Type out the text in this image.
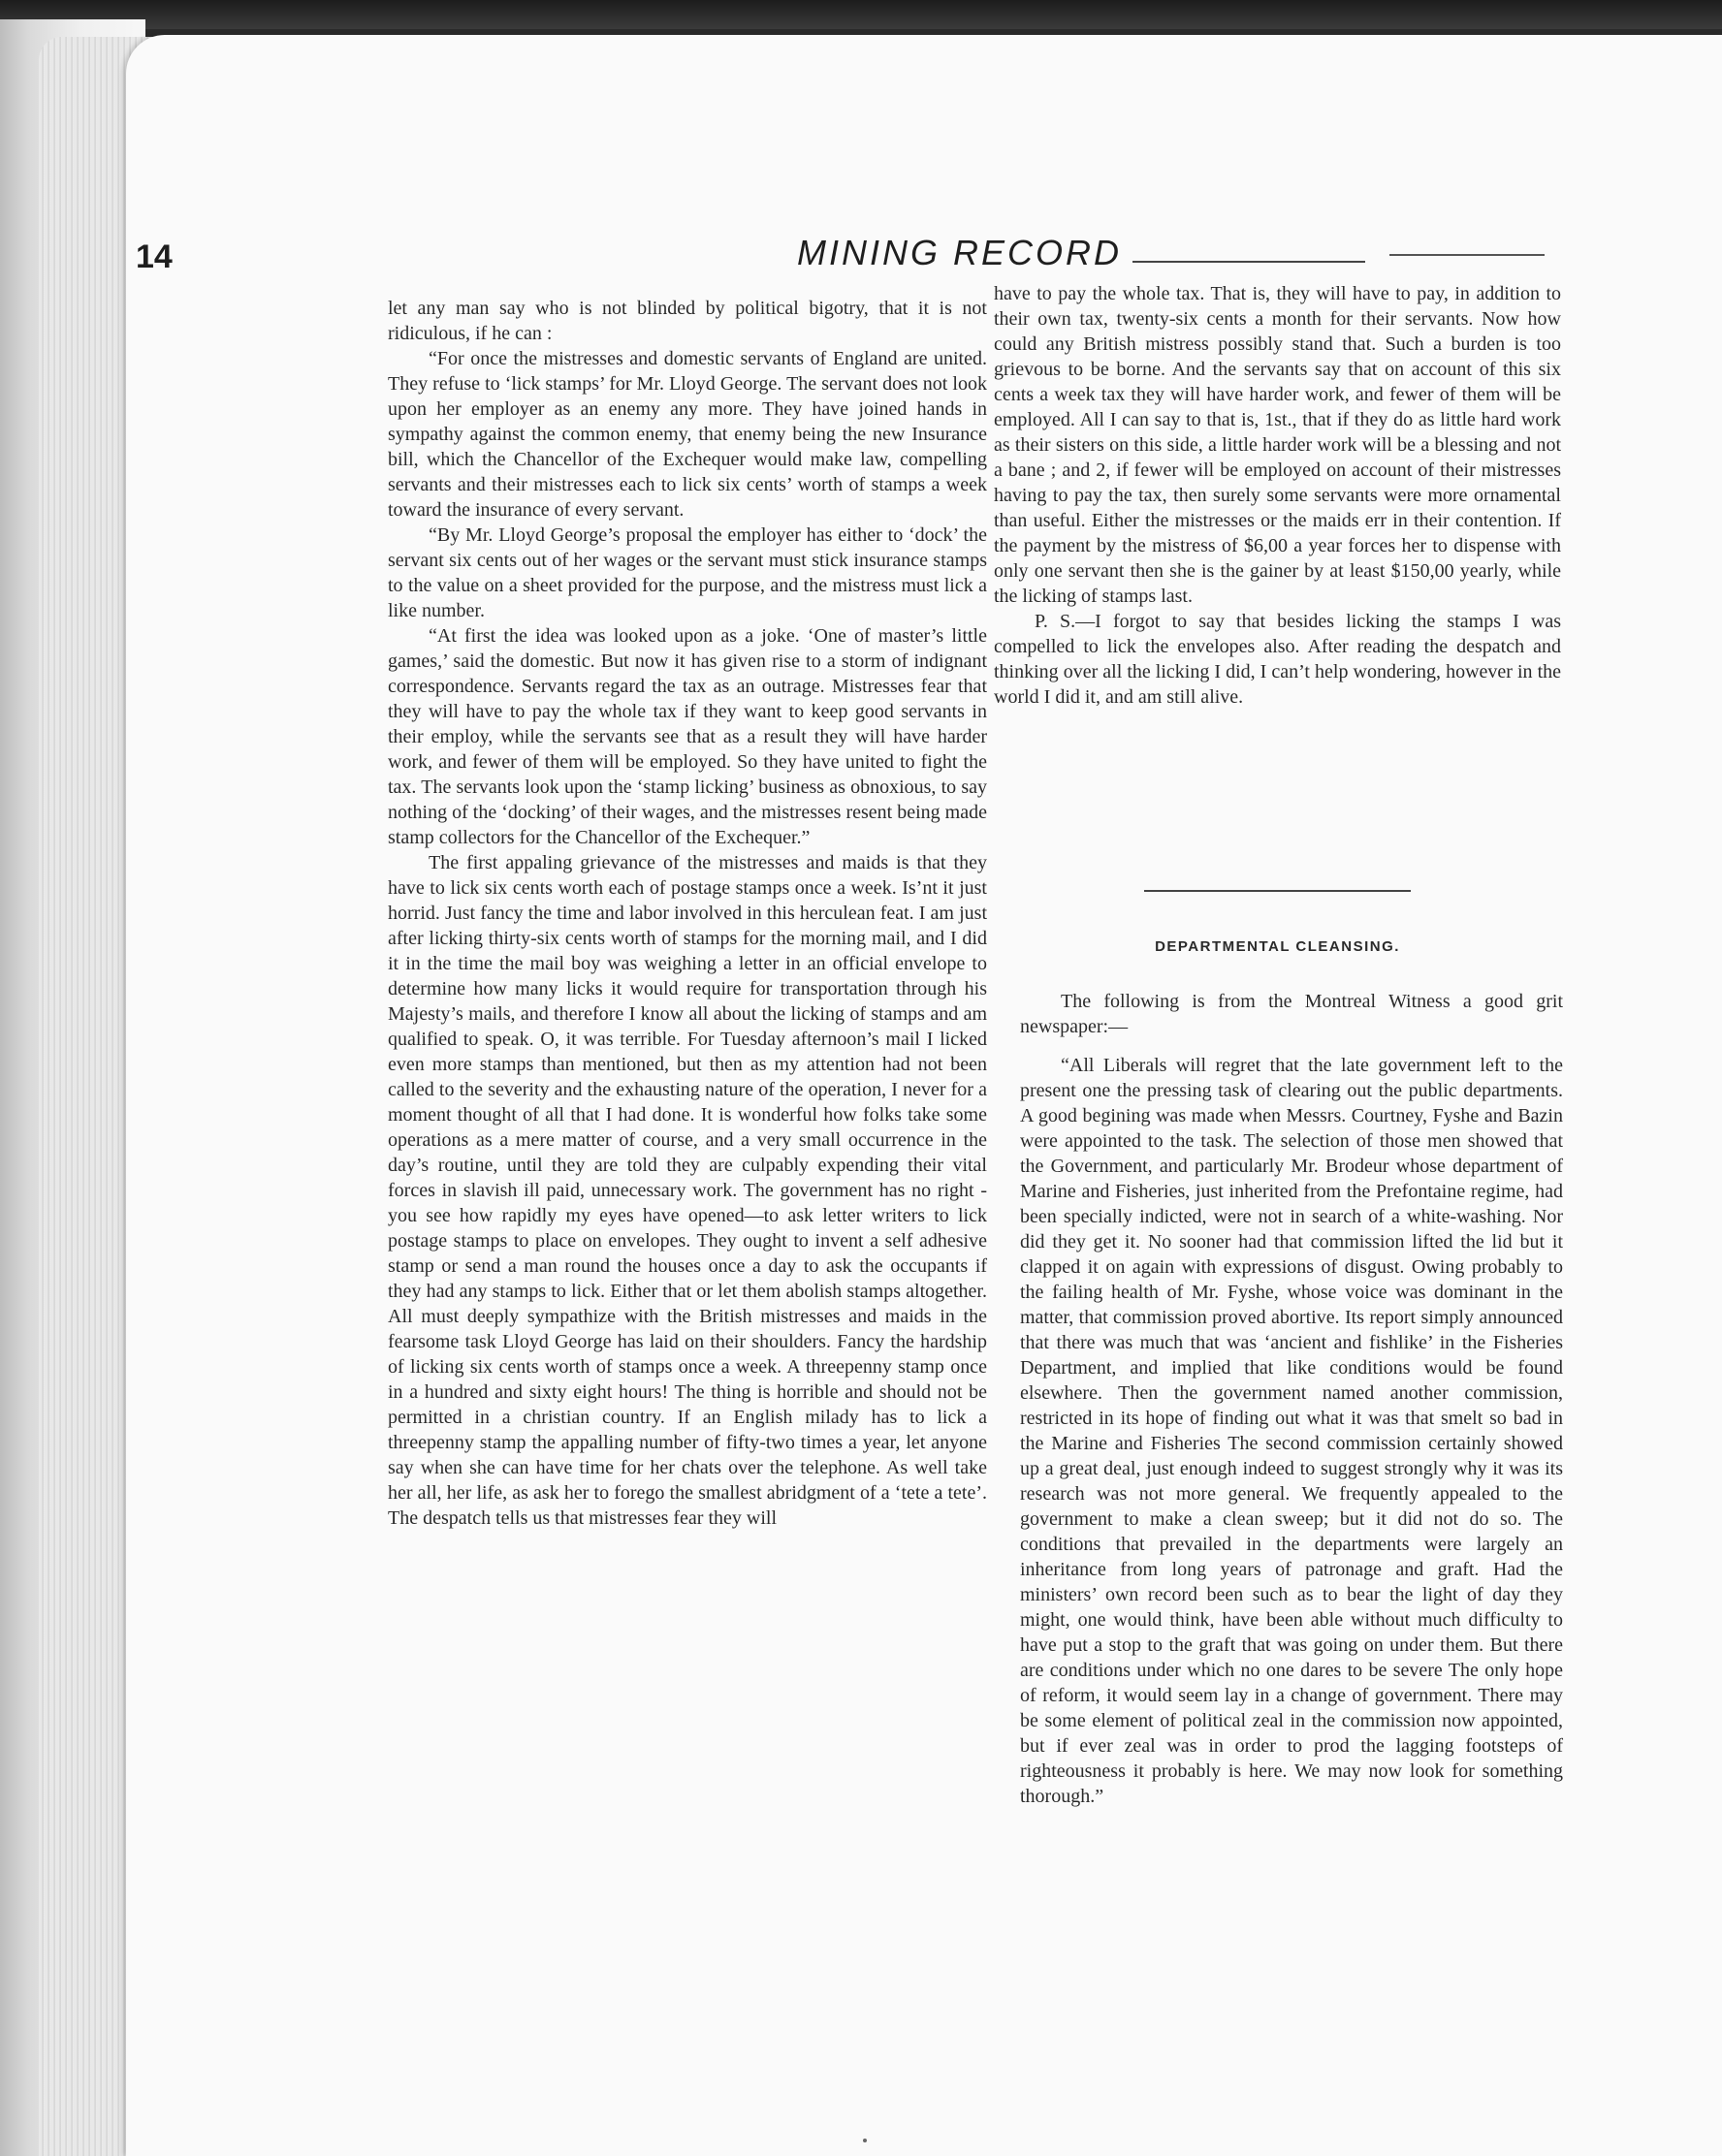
14	MINING RECORD

let any man say who is not blinded by political bigotry, that it is not ridiculous, if he can :

“For once the mistresses and domestic servants of England are united. They refuse to ‘lick stamps’ for Mr. Lloyd George. The servant does not look upon her employer as an enemy any more. They have joined hands in sympathy against the common enemy, that enemy being the new Insurance bill, which the Chancellor of the Exchequer would make law, compelling servants and their mistresses each to lick six cents’ worth of stamps a week toward the insurance of every servant.

“By Mr. Lloyd George’s proposal the employer has either to ‘dock’ the servant six cents out of her wages or the servant must stick insurance stamps to the value on a sheet provided for the purpose, and the mistress must lick a like number.

“At first the idea was looked upon as a joke. ‘One of master’s little games,’ said the domestic. But now it has given rise to a storm of indignant correspondence. Servants regard the tax as an outrage. Mistresses fear that they will have to pay the whole tax if they want to keep good servants in their employ, while the servants see that as a result they will have harder work, and fewer of them will be employed. So they have united to fight the tax. The servants look upon the ‘stamp licking’ business as obnoxious, to say nothing of the ‘docking’ of their wages, and the mistresses resent being made stamp collectors for the Chancellor of the Exchequer.”

The first appaling grievance of the mistresses and maids is that they have to lick six cents worth each of postage stamps once a week. Is’nt it just horrid. Just fancy the time and labor involved in this herculean feat. I am just after licking thirty-six cents worth of stamps for the morning mail, and I did it in the time the mail boy was weighing a letter in an official envelope to determine how many licks it would require for transportation through his Majesty’s mails, and therefore I know all about the licking of stamps and am qualified to speak. O, it was terrible. For Tuesday afternoon’s mail I licked even more stamps than mentioned, but then as my attention had not been called to the severity and the exhausting nature of the operation, I never for a moment thought of all that I had done. It is wonderful how folks take some operations as a mere matter of course, and a very small occurrence in the day’s routine, until they are told they are culpably expending their vital forces in slavish ill paid, unnecessary work. The government has no right - you see how rapidly my eyes have opened—to ask letter writers to lick postage stamps to place on envelopes. They ought to invent a self adhesive stamp or send a man round the houses once a day to ask the occupants if they had any stamps to lick. Either that or let them abolish stamps altogether. All must deeply sympathize with the British mistresses and maids in the fearsome task Lloyd George has laid on their shoulders. Fancy the hardship of licking six cents worth of stamps once a week. A threepenny stamp once in a hundred and sixty eight hours! The thing is horrible and should not be permitted in a christian country. If an English milady has to lick a threepenny stamp the appalling number of fifty-two times a year, let anyone say when she can have time for her chats over the telephone. As well take her all, her life, as ask her to forego the smallest abridgment of a ‘tete a tete’. The despatch tells us that mistresses fear they will

have to pay the whole tax. That is, they will have to pay, in addition to their own tax, twenty-six cents a month for their servants. Now how could any British mistress possibly stand that. Such a burden is too grievous to be borne. And the servants say that on account of this six cents a week tax they will have harder work, and fewer of them will be employed. All I can say to that is, 1st., that if they do as little hard work as their sisters on this side, a little harder work will be a blessing and not a bane ; and 2, if fewer will be employed on account of their mistresses having to pay the tax, then surely some servants were more ornamental than useful. Either the mistresses or the maids err in their contention. If the payment by the mistress of $6,00 a year forces her to dispense with only one servant then she is the gainer by at least $150,00 yearly, while the licking of stamps last.

P. S.—I forgot to say that besides licking the stamps I was compelled to lick the envelopes also. After reading the despatch and thinking over all the licking I did, I can’t help wondering, however in the world I did it, and am still alive.

DEPARTMENTAL CLEANSING.

The following is from the Montreal Witness a good grit newspaper:—

“All Liberals will regret that the late government left to the present one the pressing task of clearing out the public departments. A good begining was made when Messrs. Courtney, Fyshe and Bazin were appointed to the task. The selection of those men showed that the Government, and particularly Mr. Brodeur whose department of Marine and Fisheries, just inherited from the Prefontaine regime, had been specially indicted, were not in search of a white-washing. Nor did they get it. No sooner had that commission lifted the lid but it clapped it on again with expressions of disgust. Owing probably to the failing health of Mr. Fyshe, whose voice was dominant in the matter, that commission proved abortive. Its report simply announced that there was much that was ‘ancient and fishlike’ in the Fisheries Department, and implied that like conditions would be found elsewhere. Then the government named another commission, restricted in its hope of finding out what it was that smelt so bad in the Marine and Fisheries The second commission certainly showed up a great deal, just enough indeed to suggest strongly why it was its research was not more general. We frequently appealed to the government to make a clean sweep; but it did not do so. The conditions that prevailed in the departments were largely an inheritance from long years of patronage and graft. Had the ministers’ own record been such as to bear the light of day they might, one would think, have been able without much difficulty to have put a stop to the graft that was going on under them. But there are conditions under which no one dares to be severe The only hope of reform, it would seem lay in a change of government. There may be some element of political zeal in the commission now appointed, but if ever zeal was in order to prod the lagging footsteps of righteousness it probably is here. We may now look for something thorough.”
